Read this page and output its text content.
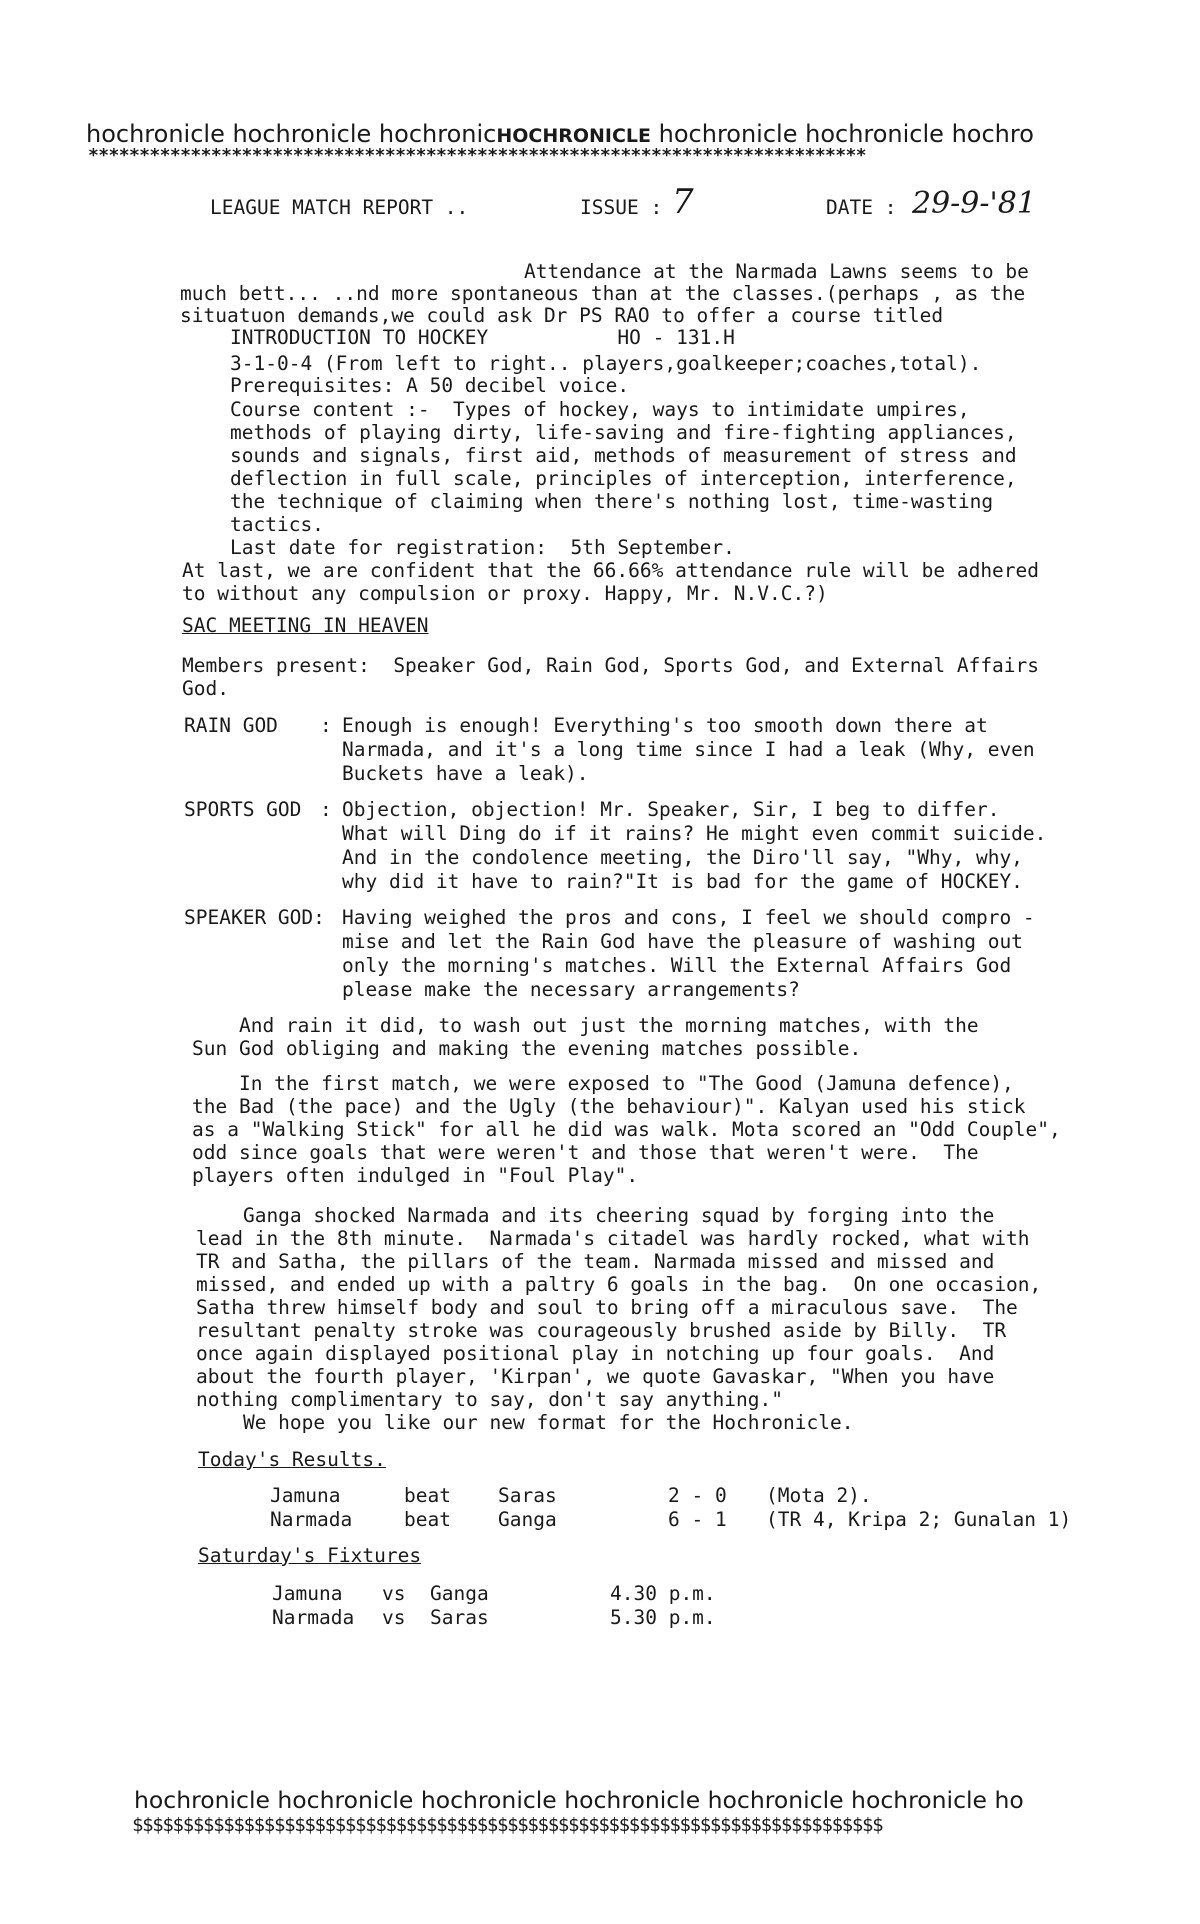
hochronicle hochronicle hochronicHOCHRONICLE hochronicle hochronicle hochro
****************************************************************************
LEAGUE MATCH REPORT ..	ISSUE : 7	DATE : 29-9-'81
Attendance at the Narmada Lawns seems to be
much bett... ..nd more spontaneous than at the classes.(perhaps , as the
situatuon demands,we could ask Dr PS RAO to offer a course titled
INTRODUCTION TO HOCKEY           HO - 131.H
3-1-0-4 (From left to right.. players,goalkeeper;coaches,total).
Prerequisites: A 50 decibel voice.
Course content :-  Types of hockey, ways to intimidate umpires,
methods of playing dirty, life-saving and fire-fighting appliances,
sounds and signals, first aid, methods of measurement of stress and
deflection in full scale, principles of interception, interference,
the technique of claiming when there's nothing lost, time-wasting
tactics.
Last date for registration:  5th September.
At last, we are confident that the 66.66% attendance rule will be adhered
to without any compulsion or proxy. Happy, Mr. N.V.C.?)
SAC MEETING IN HEAVEN
Members present:  Speaker God, Rain God, Sports God, and External Affairs
God.
RAIN GOD : Enough is enough! Everything's too smooth down there at
Narmada, and it's a long time since I had a leak (Why, even
Buckets have a leak).
SPORTS GOD : Objection, objection! Mr. Speaker, Sir, I beg to differ.
What will Ding do if it rains? He might even commit suicide.
And in the condolence meeting, the Diro'll say, "Why, why,
why did it have to rain?"It is bad for the game of HOCKEY.
SPEAKER GOD: Having weighed the pros and cons, I feel we should compro -
mise and let the Rain God have the pleasure of washing out
only the morning's matches. Will the External Affairs God
please make the necessary arrangements?
And rain it did, to wash out just the morning matches, with the
Sun God obliging and making the evening matches possible.
In the first match, we were exposed to "The Good (Jamuna defence),
the Bad (the pace) and the Ugly (the behaviour)". Kalyan used his stick
as a "Walking Stick" for all he did was walk. Mota scored an "Odd Couple",
odd since goals that were weren't and those that weren't were.  The
players often indulged in "Foul Play".
Ganga shocked Narmada and its cheering squad by forging into the
lead in the 8th minute.  Narmada's citadel was hardly rocked, what with
TR and Satha, the pillars of the team. Narmada missed and missed and
missed, and ended up with a paltry 6 goals in the bag.  On one occasion,
Satha threw himself body and soul to bring off a miraculous save.  The
resultant penalty stroke was courageously brushed aside by Billy.  TR
once again displayed positional play in notching up four goals.  And
about the fourth player, 'Kirpan', we quote Gavaskar, "When you have
nothing complimentary to say, don't say anything."
We hope you like our new format for the Hochronicle.
Today's Results.
Jamuna	beat Saras	2 - 0 (Mota 2).
Narmada	beat Ganga	6 - 1 (TR 4, Kripa 2; Gunalan 1)
Saturday's Fixtures
Jamuna vs Ganga	4.30 p.m.
Narmada vs Saras	5.30 p.m.
hochronicle hochronicle hochronicle hochronicle hochronicle hochronicle ho
$$$$$$$$$$$$$$$$$$$$$$$$$$$$$$$$$$$$$$$$$$$$$$$$$$$$$$$$$$$$$$$$$$$$$$$$$$
